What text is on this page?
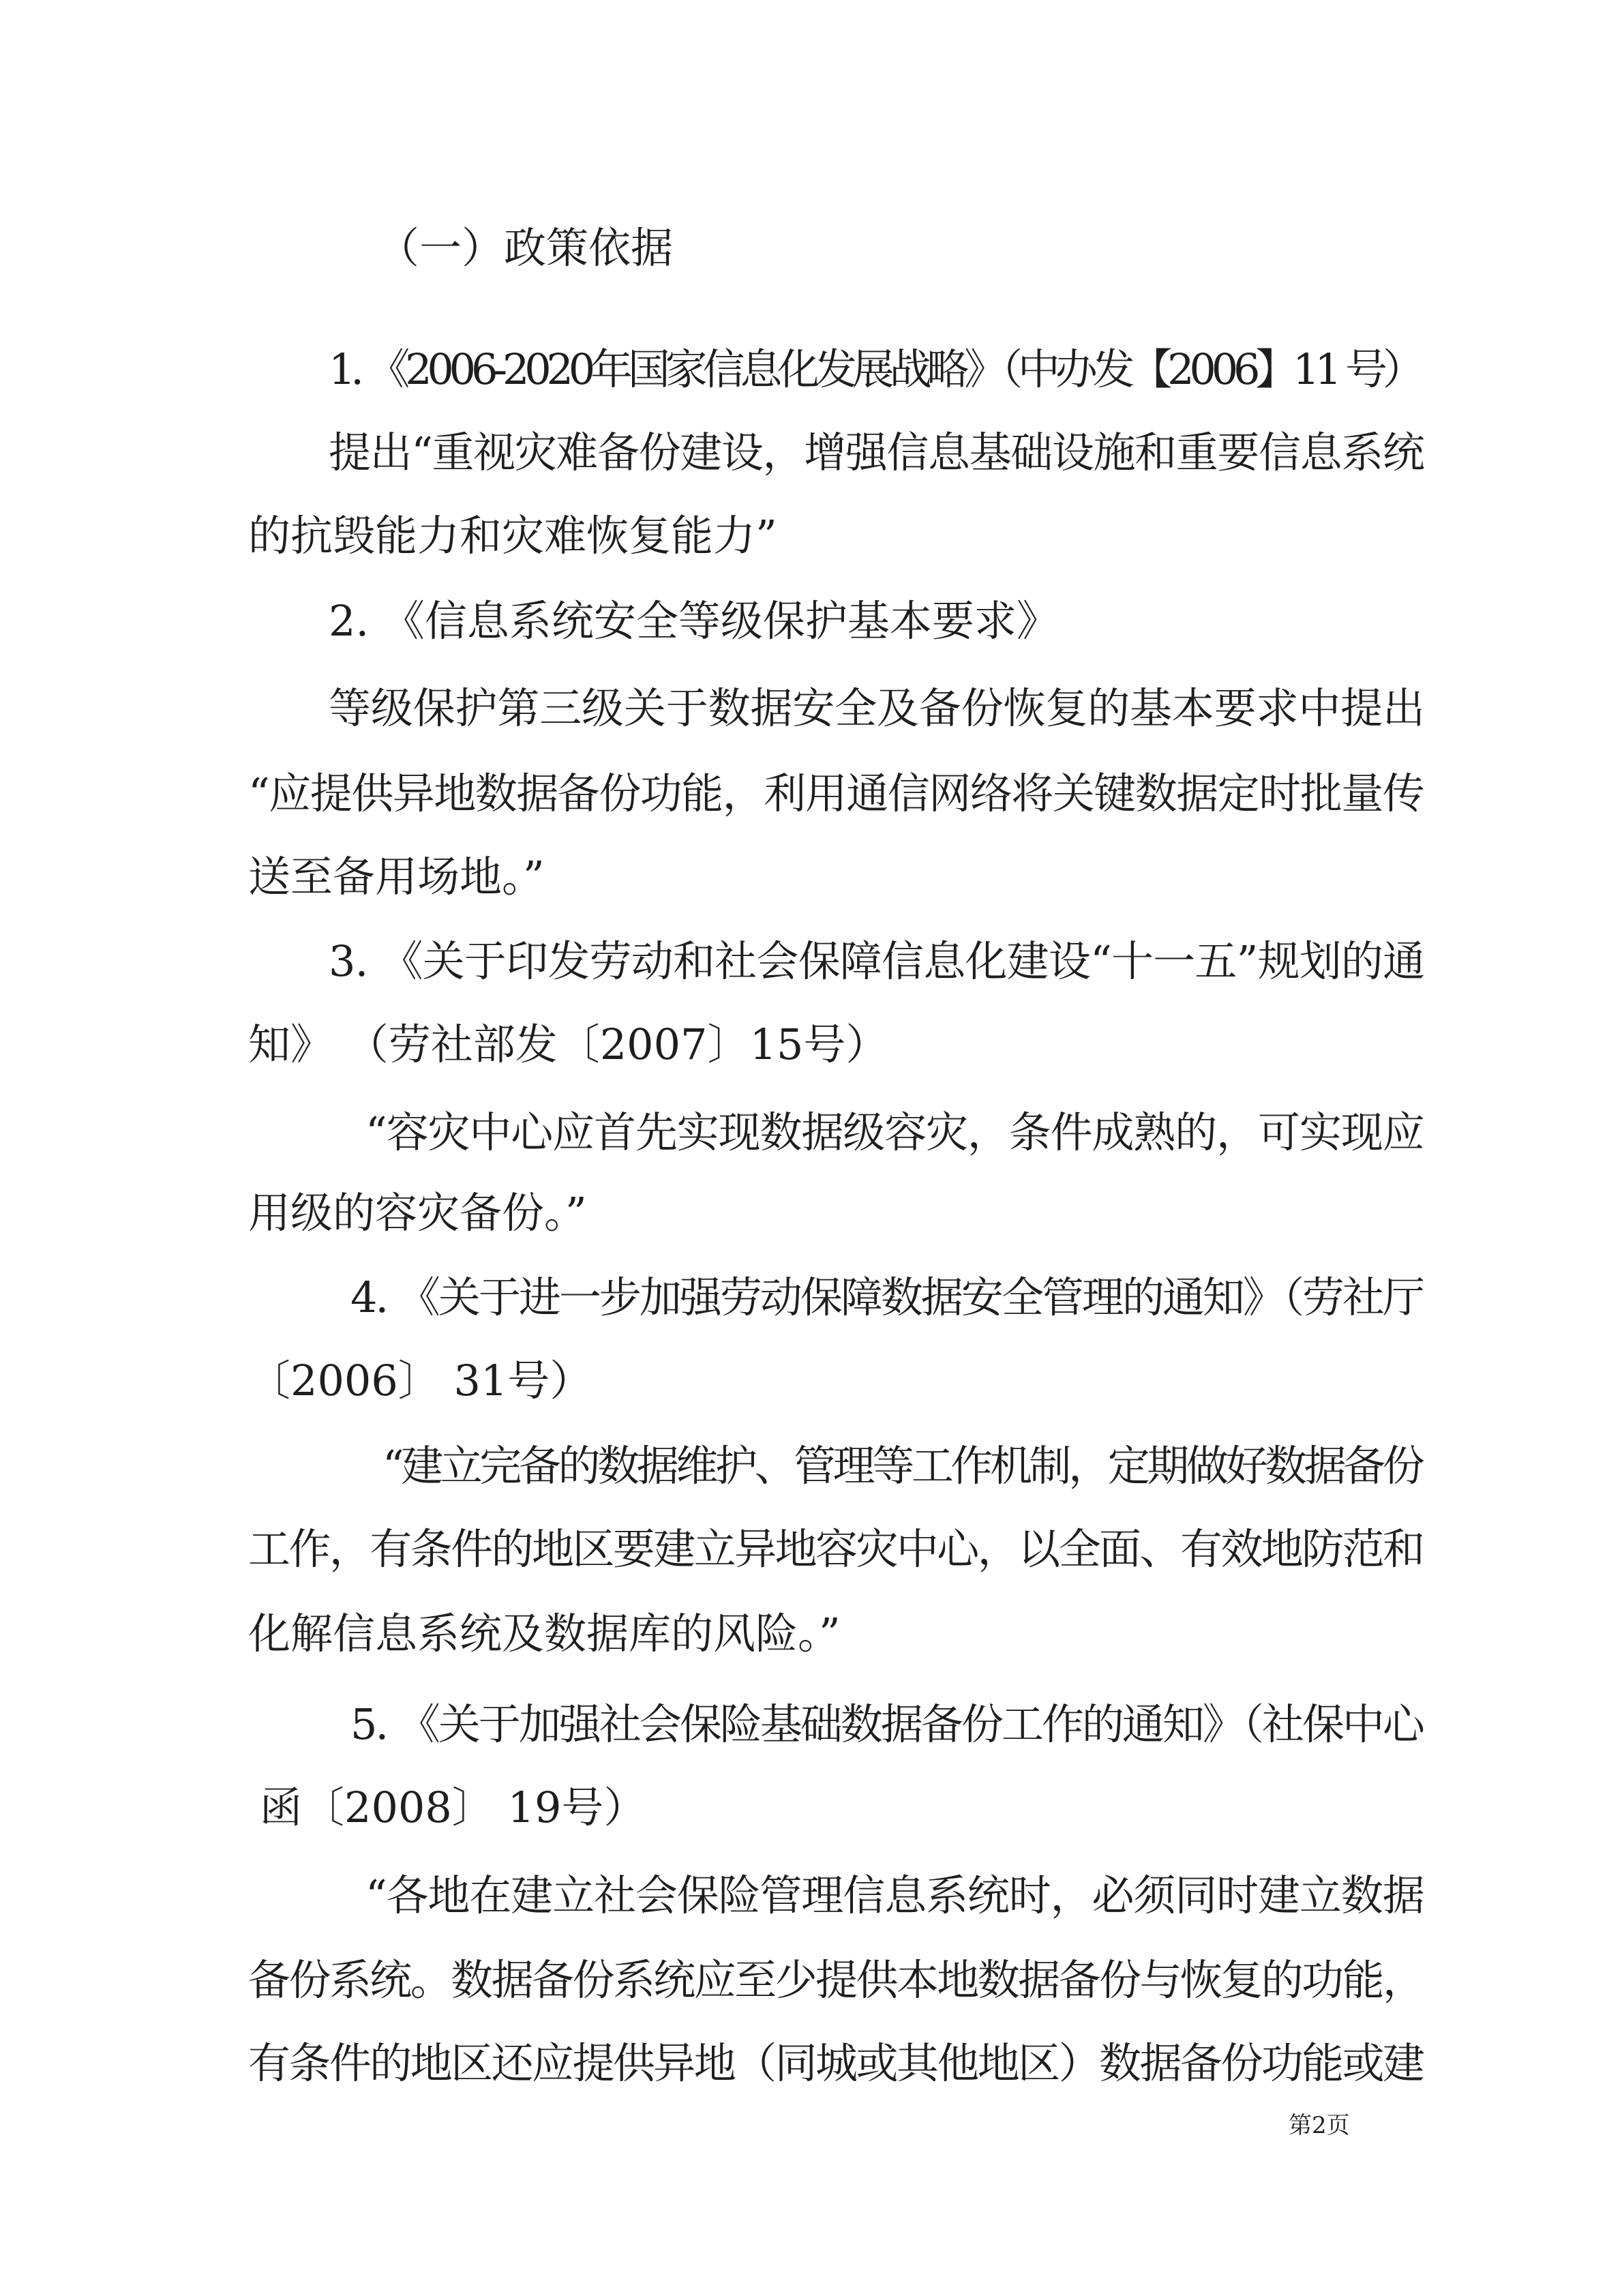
（一）政策依据
1. 《2006-2020年国家信息化发展战略》（中办发【2006】11 号）
提出“重视灾难备份建设，增强信息基础设施和重要信息系统
的抗毁能力和灾难恢复能力”
2. 《信息系统安全等级保护基本要求》
等级保护第三级关于数据安全及备份恢复的基本要求中提出
“应提供异地数据备份功能，利用通信网络将关键数据定时批量传
送至备用场地。”
3. 《关于印发劳动和社会保障信息化建设“十一五”规划的通
知》 （劳社部发〔2007〕15号）
“容灾中心应首先实现数据级容灾，条件成熟的，可实现应
用级的容灾备份。”
4. 《关于进一步加强劳动保障数据安全管理的通知》（劳社厅
〔2006〕 31号）
“建立完备的数据维护、管理等工作机制，定期做好数据备份
工作，有条件的地区要建立异地容灾中心，以全面、有效地防范和
化解信息系统及数据库的风险。”
5. 《关于加强社会保险基础数据备份工作的通知》（社保中心
函〔2008〕 19号）
“各地在建立社会保险管理信息系统时，必须同时建立数据
备份系统。数据备份系统应至少提供本地数据备份与恢复的功能，
有条件的地区还应提供异地（同城或其他地区）数据备份功能或建
第2页
